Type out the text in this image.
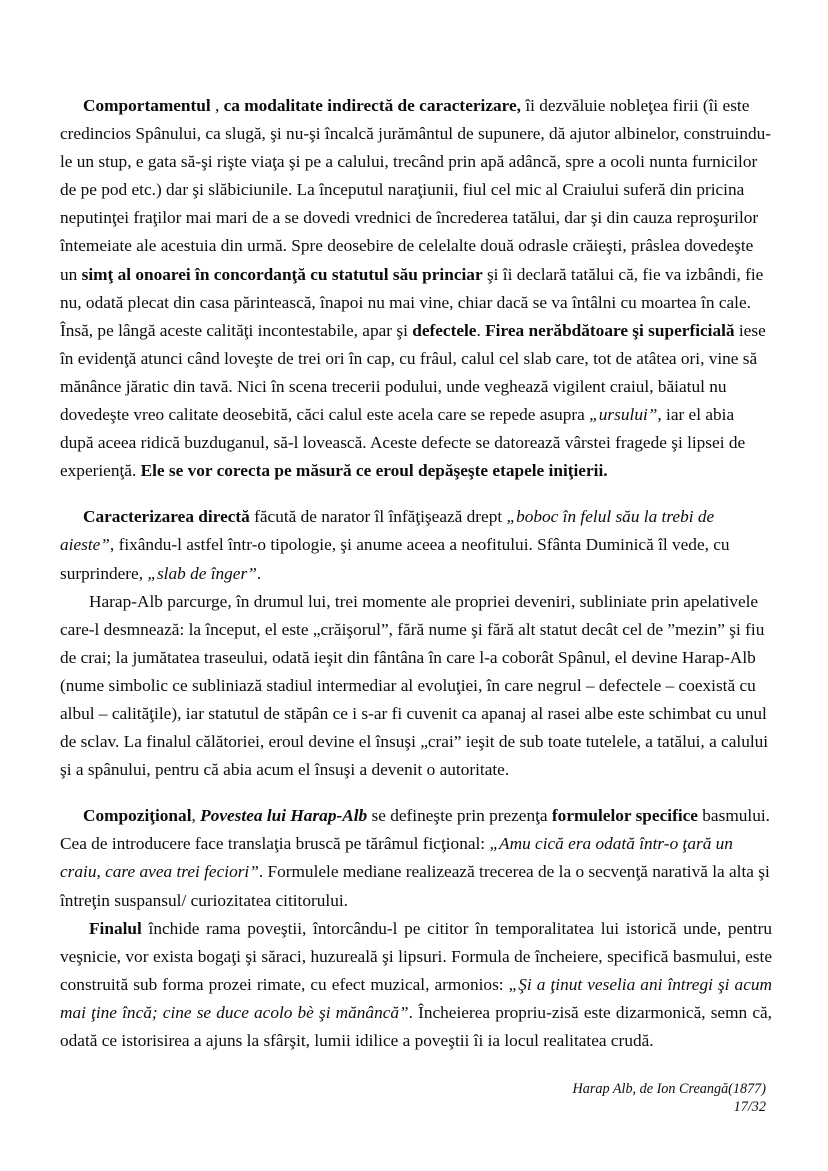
Comportamentul , ca modalitate indirectă de caracterizare, îi dezvăluie nobleţea firii (îi este credincios Spânului, ca slugă, şi nu-şi încalcă jurământul de supunere, dă ajutor albinelor, construindu-le un stup, e gata să-şi rişte viaţa şi pe a calului, trecând prin apă adâncă, spre a ocoli nunta furnicilor de pe pod etc.) dar şi slăbiciunile. La începutul naraţiunii, fiul cel mic al Craiului suferă din pricina neputinţei fraţilor mai mari de a se dovedi vrednici de încrederea tatălui, dar şi din cauza reproşurilor întemeiate ale acestuia din urmă. Spre deosebire de celelalte două odrasle crăieşti, prâslea dovedeşte un simţ al onoarei în concordanţă cu statutul său princiar şi îi declară tatălui că, fie va izbândi, fie nu, odată plecat din casa părintească, înapoi nu mai vine, chiar dacă se va întâlni cu moartea în cale. Însă, pe lângă aceste calităţi incontestabile, apar şi defectele. Firea nerăbdătoare şi superficială iese în evidenţă atunci când loveşte de trei ori în cap, cu frâul, calul cel slab care, tot de atâtea ori, vine să mănânce jăratic din tavă. Nici în scena trecerii podului, unde veghează vigilent craiul, băiatul nu dovedeşte vreo calitate deosebită, căci calul este acela care se repede asupra „ursului”, iar el abia după aceea ridică buzduganul, să-l lovească. Aceste defecte se datorează vârstei fragede şi lipsei de experienţă. Ele se vor corecta pe măsură ce eroul depăşeşte etapele iniţierii.

Caracterizarea directă făcută de narator îl înfăţişează drept „boboc în felul său la trebi de aieste”, fixându-l astfel într-o tipologie, şi anume aceea a neofitului. Sfânta Duminică îl vede, cu surprindere, „slab de înger”.

Harap-Alb parcurge, în drumul lui, trei momente ale propriei deveniri, subliniate prin apelativele care-l desmnează: la început, el este „crăişorul”, fără nume şi fără alt statut decât cel de ”mezin” şi fiu de crai; la jumătatea traseului, odată ieşit din fântâna în care l-a coborât Spânul, el devine Harap-Alb (nume simbolic ce subliniază stadiul intermediar al evoluţiei, în care negrul – defectele – coexistă cu albul – calităţile), iar statutul de stăpân ce i s-ar fi cuvenit ca apanaj al rasei albe este schimbat cu unul de sclav. La finalul călătoriei, eroul devine el însuşi „crai” ieşit de sub toate tutelele, a tatălui, a calului şi a spânului, pentru că abia acum el însuşi a devenit o autoritate.

Compoziţional, Povestea lui Harap-Alb se defineşte prin prezenţa formulelor specifice basmului. Cea de introducere face translaţia bruscă pe tărâmul ficţional: „Amu cică era odată într-o ţară un craiu, care avea trei feciori”. Formulele mediane realizează trecerea de la o secvenţă narativă la alta şi întreţin suspansul/ curiozitatea cititorului.

Finalul închide rama poveştii, întorcându-l pe cititor în temporalitatea lui istorică unde, pentru veşnicie, vor exista bogaţi şi săraci, huzureală şi lipsuri. Formula de încheiere, specifică basmului, este construită sub forma prozei rimate, cu efect muzical, armonios: „Şi a ţinut veselia ani întregi şi acum mai ţine încă; cine se duce acolo bè şi mănâncă”. Încheierea propriu-zisă este dizarmonică, semn că, odată ce istorisirea a ajuns la sfârşit, lumii idilice a poveştii îi ia locul realitatea crudă.

Harap Alb, de Ion Creangă(1877)
17/32
